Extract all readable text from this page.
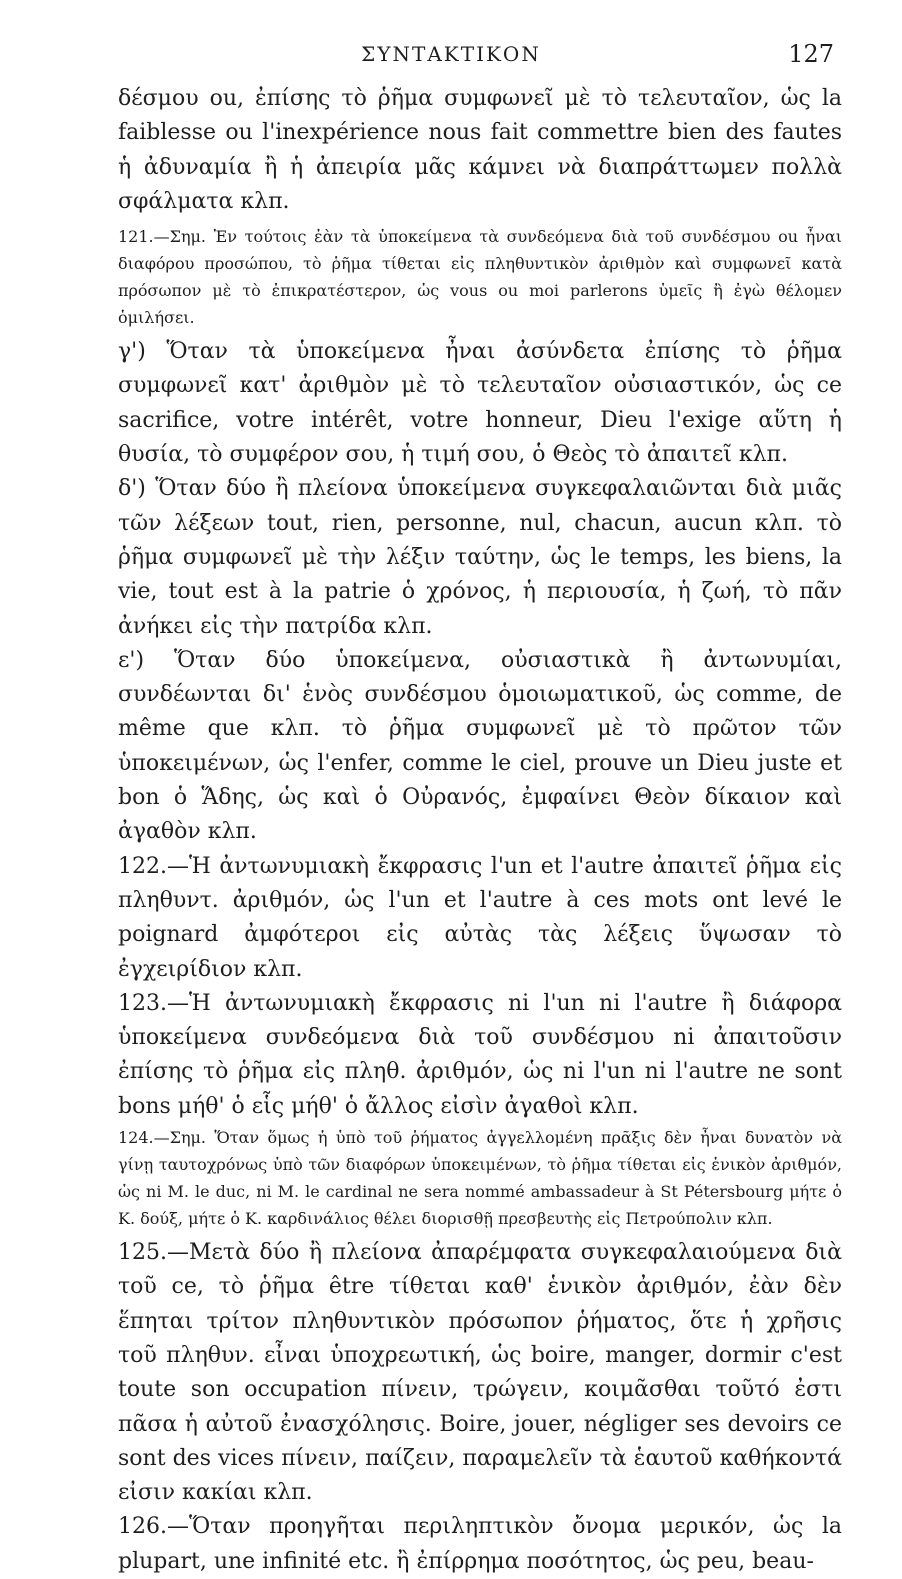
ΣΥΝΤΑΚΤΙΚΟΝ	127

δέσμου ou, ἐπίσης τὸ ῥῆμα συμφωνεῖ μὲ τὸ τελευταῖον, ὡς la faiblesse ou l'inexpérience nous fait commettre bien des fautes ἡ ἀδυναμία ἢ ἡ ἀπειρία μᾶς κάμνει νὰ διαπράττωμεν πολλὰ σφάλματα κλπ.

121.—Σημ. Ἐν τούτοις ἐὰν τὰ ὑποκείμενα τὰ συνδεόμενα διὰ τοῦ συνδέσμου ou ἦναι διαφόρου προσώπου, τὸ ῥῆμα τίθεται εἰς πληθυντικὸν ἀριθμὸν καὶ συμφωνεῖ κατὰ πρόσωπον μὲ τὸ ἐπικρατέστερον, ὡς vous ou moi parlerons ὑμεῖς ἢ ἐγὼ θέλομεν ὁμιλήσει.

γ') Ὅταν τὰ ὑποκείμενα ἦναι ἀσύνδετα ἐπίσης τὸ ῥῆμα συμφωνεῖ κατ' ἀριθμὸν μὲ τὸ τελευταῖον οὐσιαστικόν, ὡς ce sacrifice, votre intérêt, votre honneur, Dieu l'exige αὕτη ἡ θυσία, τὸ συμφέρον σου, ἡ τιμή σου, ὁ Θεὸς τὸ ἀπαιτεῖ κλπ.

δ') Ὅταν δύο ἢ πλείονα ὑποκείμενα συγκεφαλαιῶνται διὰ μιᾶς τῶν λέξεων tout, rien, personne, nul, chacun, aucun κλπ. τὸ ῥῆμα συμφωνεῖ μὲ τὴν λέξιν ταύτην, ὡς le temps, les biens, la vie, tout est à la patrie ὁ χρόνος, ἡ περιουσία, ἡ ζωή, τὸ πᾶν ἀνήκει εἰς τὴν πατρίδα κλπ.

ε') Ὅταν δύο ὑποκείμενα, οὐσιαστικὰ ἢ ἀντωνυμίαι, συνδέωνται δι' ἑνὸς συνδέσμου ὁμοιωματικοῦ, ὡς comme, de même que κλπ. τὸ ῥῆμα συμφωνεῖ μὲ τὸ πρῶτον τῶν ὑποκειμένων, ὡς l'enfer, comme le ciel, prouve un Dieu juste et bon ὁ Ἅδης, ὡς καὶ ὁ Οὐρανός, ἐμφαίνει Θεὸν δίκαιον καὶ ἀγαθὸν κλπ.

122.—Ἡ ἀντωνυμιακὴ ἔκφρασις l'un et l'autre ἀπαιτεῖ ῥῆμα εἰς πληθυντ. ἀριθμόν, ὡς l'un et l'autre à ces mots ont levé le poignard ἀμφότεροι εἰς αὐτὰς τὰς λέξεις ὕψωσαν τὸ ἐγχειρίδιον κλπ.

123.—Ἡ ἀντωνυμιακὴ ἔκφρασις ni l'un ni l'autre ἢ διάφορα ὑποκείμενα συνδεόμενα διὰ τοῦ συνδέσμου ni ἀπαιτοῦσιν ἐπίσης τὸ ῥῆμα εἰς πληθ. ἀριθμόν, ὡς ni l'un ni l'autre ne sont bons μήθ' ὁ εἷς μήθ' ὁ ἄλλος εἰσὶν ἀγαθοὶ κλπ.

124.—Σημ. Ὅταν ὅμως ἡ ὑπὸ τοῦ ῥήματος ἀγγελλομένη πρᾶξις δὲν ἦναι δυνατὸν νὰ γίνῃ ταυτοχρόνως ὑπὸ τῶν διαφόρων ὑποκειμένων, τὸ ῥῆμα τίθεται εἰς ἑνικὸν ἀριθμόν, ὡς ni M. le duc, ni M. le cardinal ne sera nommé ambassadeur à St Pétersbourg μήτε ὁ Κ. δούξ, μήτε ὁ Κ. καρδινάλιος θέλει διορισθῇ πρεσβευτὴς εἰς Πετρούπολιν κλπ.

125.—Μετὰ δύο ἢ πλείονα ἀπαρέμφατα συγκεφαλαιούμενα διὰ τοῦ ce, τὸ ῥῆμα être τίθεται καθ' ἑνικὸν ἀριθμόν, ἐὰν δὲν ἕπηται τρίτον πληθυντικὸν πρόσωπον ῥήματος, ὅτε ἡ χρῆσις τοῦ πληθυν. εἶναι ὑποχρεωτική, ὡς boire, manger, dormir c'est toute son occupation πίνειν, τρώγειν, κοιμᾶσθαι τοῦτό ἐστι πᾶσα ἡ αὐτοῦ ἐνασχόλησις. Boire, jouer, négliger ses devoirs ce sont des vices πίνειν, παίζειν, παραμελεῖν τὰ ἑαυτοῦ καθήκοντά εἰσιν κακίαι κλπ.

126.—Ὅταν προηγῆται περιληπτικὸν ὄνομα μερικόν, ὡς la plupart, une infinité etc. ἢ ἐπίρρημα ποσότητος, ὡς peu, beau-
